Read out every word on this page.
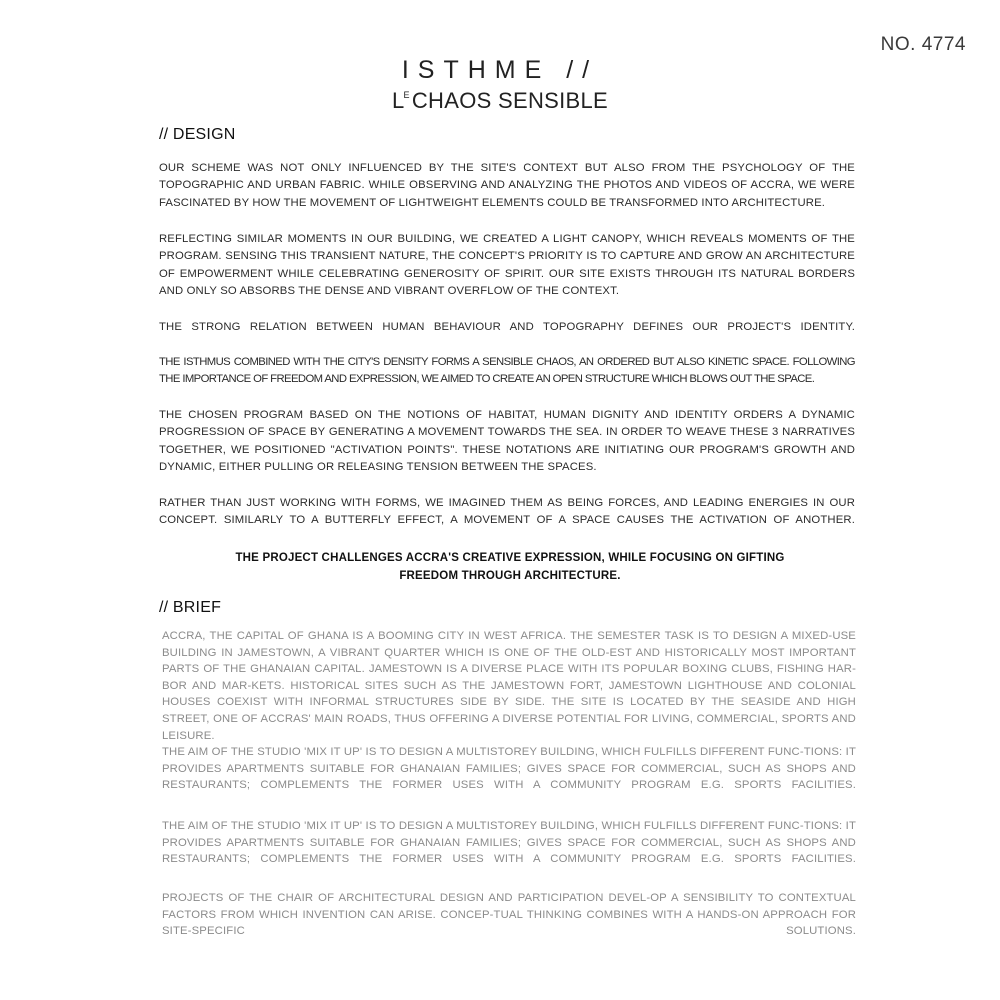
NO. 4774
ISTHME //
$L^ECHAOS$ SENSIBLE
// DESIGN

OUR SCHEME WAS NOT ONLY INFLUENCED BY THE SITE'S CONTEXT BUT ALSO FROM THE PSYCHOLOGY OF THE TOPOGRAPHIC AND URBAN FABRIC. WHILE OBSERVING AND ANALYZING THE PHOTOS AND VIDEOS OF ACCRA, WE WERE FASCINATED BY HOW THE MOVEMENT OF LIGHTWEIGHT ELEMENTS COULD BE TRANSFORMED INTO ARCHITECTURE.

REFLECTING SIMILAR MOMENTS IN OUR BUILDING, WE CREATED A LIGHT CANOPY, WHICH REVEALS MOMENTS OF THE PROGRAM. SENSING THIS TRANSIENT NATURE, THE CONCEPT'S PRIORITY IS TO CAPTURE AND GROW AN ARCHITECTURE OF EMPOWERMENT WHILE CELEBRATING GENEROSITY OF SPIRIT. OUR SITE EXISTS THROUGH ITS NATURAL BORDERS AND ONLY SO ABSORBS THE DENSE AND VIBRANT OVERFLOW OF THE CONTEXT.

THE STRONG RELATION BETWEEN HUMAN BEHAVIOUR AND TOPOGRAPHY DEFINES OUR PROJECT'S IDENTITY.

THE ISTHMUS COMBINED WITH THE CITY'S DENSITY FORMS A SENSIBLE CHAOS, AN ORDERED BUT ALSO KINETIC SPACE. FOLLOWING THE IMPORTANCE OF FREEDOM AND EXPRESSION, WE AIMED TO CREATE AN OPEN STRUCTURE WHICH BLOWS OUT THE SPACE.

THE CHOSEN PROGRAM BASED ON THE NOTIONS OF HABITAT, HUMAN DIGNITY AND IDENTITY ORDERS A DYNAMIC PROGRESSION OF SPACE BY GENERATING A MOVEMENT TOWARDS THE SEA. IN ORDER TO WEAVE THESE 3 NARRATIVES TOGETHER, WE POSITIONED "ACTIVATION POINTS". THESE NOTATIONS ARE INITIATING OUR PROGRAM'S GROWTH AND DYNAMIC, EITHER PULLING OR RELEASING TENSION BETWEEN THE SPACES.

RATHER THAN JUST WORKING WITH FORMS, WE IMAGINED THEM AS BEING FORCES, AND LEADING ENERGIES IN OUR CONCEPT. SIMILARLY TO A BUTTERFLY EFFECT, A MOVEMENT OF A SPACE CAUSES THE ACTIVATION OF ANOTHER.

THE PROJECT CHALLENGES ACCRA'S CREATIVE EXPRESSION, WHILE FOCUSING ON GIFTING
FREEDOM THROUGH ARCHITECTURE.
// BRIEF

ACCRA, THE CAPITAL OF GHANA IS A BOOMING CITY IN WEST AFRICA. THE SEMESTER TASK IS TO DESIGN A MIXED-USE BUILDING IN JAMESTOWN, A VIBRANT QUARTER WHICH IS ONE OF THE OLD-EST AND HISTORICALLY MOST IMPORTANT PARTS OF THE GHANAIAN CAPITAL. JAMESTOWN IS A DIVERSE PLACE WITH ITS POPULAR BOXING CLUBS, FISHING HAR-BOR AND MAR-KETS. HISTORICAL SITES SUCH AS THE JAMESTOWN FORT, JAMESTOWN LIGHTHOUSE AND COLONIAL HOUSES COEXIST WITH INFORMAL STRUCTURES SIDE BY SIDE. THE SITE IS LOCATED BY THE SEASIDE AND HIGH STREET, ONE OF ACCRAS' MAIN ROADS, THUS OFFERING A DIVERSE POTENTIAL FOR LIVING, COMMERCIAL, SPORTS AND LEISURE.

THE AIM OF THE STUDIO 'MIX IT UP' IS TO DESIGN A MULTISTOREY BUILDING, WHICH FULFILLS DIFFERENT FUNC-TIONS: IT PROVIDES APARTMENTS SUITABLE FOR GHANAIAN FAMILIES; GIVES SPACE FOR COMMERCIAL, SUCH AS SHOPS AND RESTAURANTS; COMPLEMENTS THE FORMER USES WITH A COMMUNITY PROGRAM E.G. SPORTS FACILITIES.

THE AIM OF THE STUDIO 'MIX IT UP' IS TO DESIGN A MULTISTOREY BUILDING, WHICH FULFILLS DIFFERENT FUNC-TIONS: IT PROVIDES APARTMENTS SUITABLE FOR GHANAIAN FAMILIES; GIVES SPACE FOR COMMERCIAL, SUCH AS SHOPS AND RESTAURANTS; COMPLEMENTS THE FORMER USES WITH A COMMUNITY PROGRAM E.G. SPORTS FACILITIES.

PROJECTS OF THE CHAIR OF ARCHITECTURAL DESIGN AND PARTICIPATION DEVEL-OP A SENSIBILITY TO CONTEXTUAL FACTORS FROM WHICH INVENTION CAN ARISE. CONCEP-TUAL THINKING COMBINES WITH A HANDS-ON APPROACH FOR SITE-SPECIFIC SOLUTIONS.
